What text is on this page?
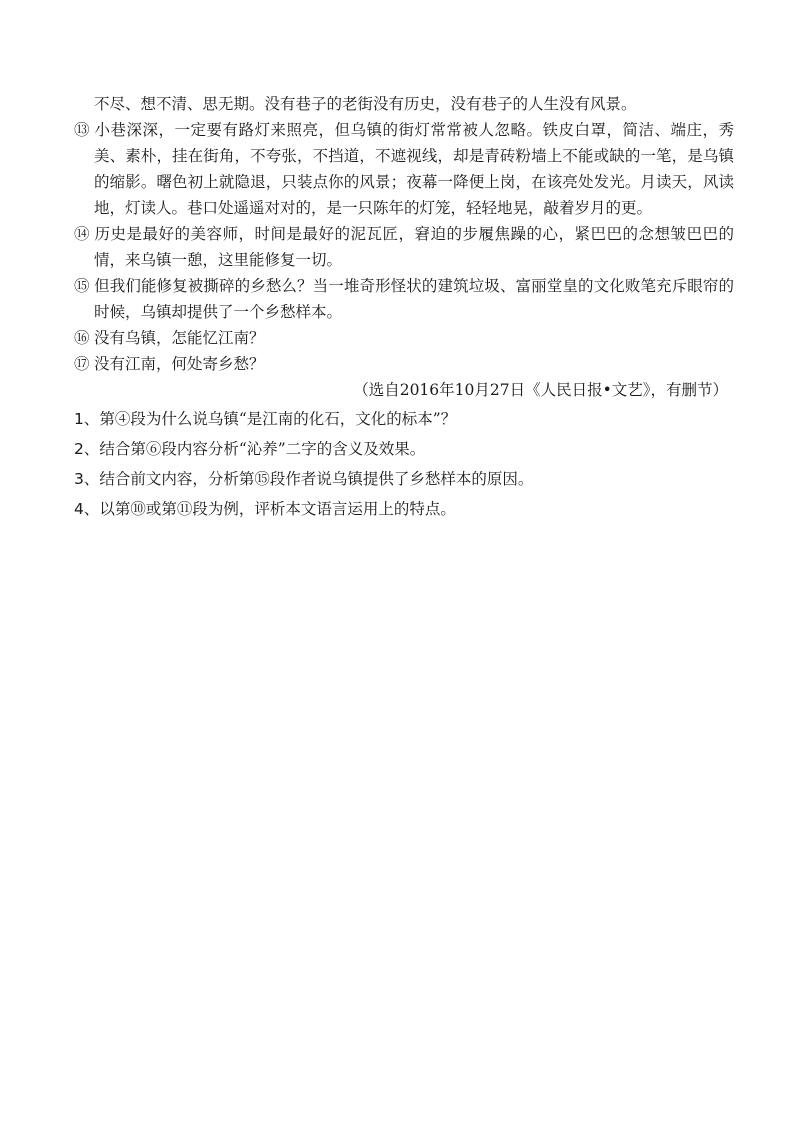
不尽、想不清、思无期。没有巷子的老街没有历史，没有巷子的人生没有风景。

⑬ 小巷深深，一定要有路灯来照亮，但乌镇的街灯常常被人忽略。铁皮白罩，简洁、端庄，秀美、素朴，挂在街角，不夸张，不挡道，不遮视线，却是青砖粉墙上不能或缺的一笔，是乌镇的缩影。曙色初上就隐退，只装点你的风景；夜幕一降便上岗，在该亮处发光。月读天，风读地，灯读人。巷口处遥遥对对的，是一只陈年的灯笼，轻轻地晃，敲着岁月的更。

⑭ 历史是最好的美容师，时间是最好的泥瓦匠，窘迫的步履焦躁的心，紧巴巴的念想皱巴巴的情，来乌镇一憩，这里能修复一切。

⑮ 但我们能修复被撕碎的乡愁么？当一堆奇形怪状的建筑垃圾、富丽堂皇的文化败笔充斥眼帘的时候，乌镇却提供了一个乡愁样本。

⑯ 没有乌镇，怎能忆江南？

⑰ 没有江南，何处寄乡愁？

（选自2016年10月27日《人民日报•文艺》，有删节）

1、第④段为什么说乌镇“是江南的化石，文化的标本”？

2、结合第⑥段内容分析“沁养”二字的含义及效果。

3、结合前文内容，分析第⑮段作者说乌镇提供了乡愁样本的原因。

4、以第⑩或第⑪段为例，评析本文语言运用上的特点。
